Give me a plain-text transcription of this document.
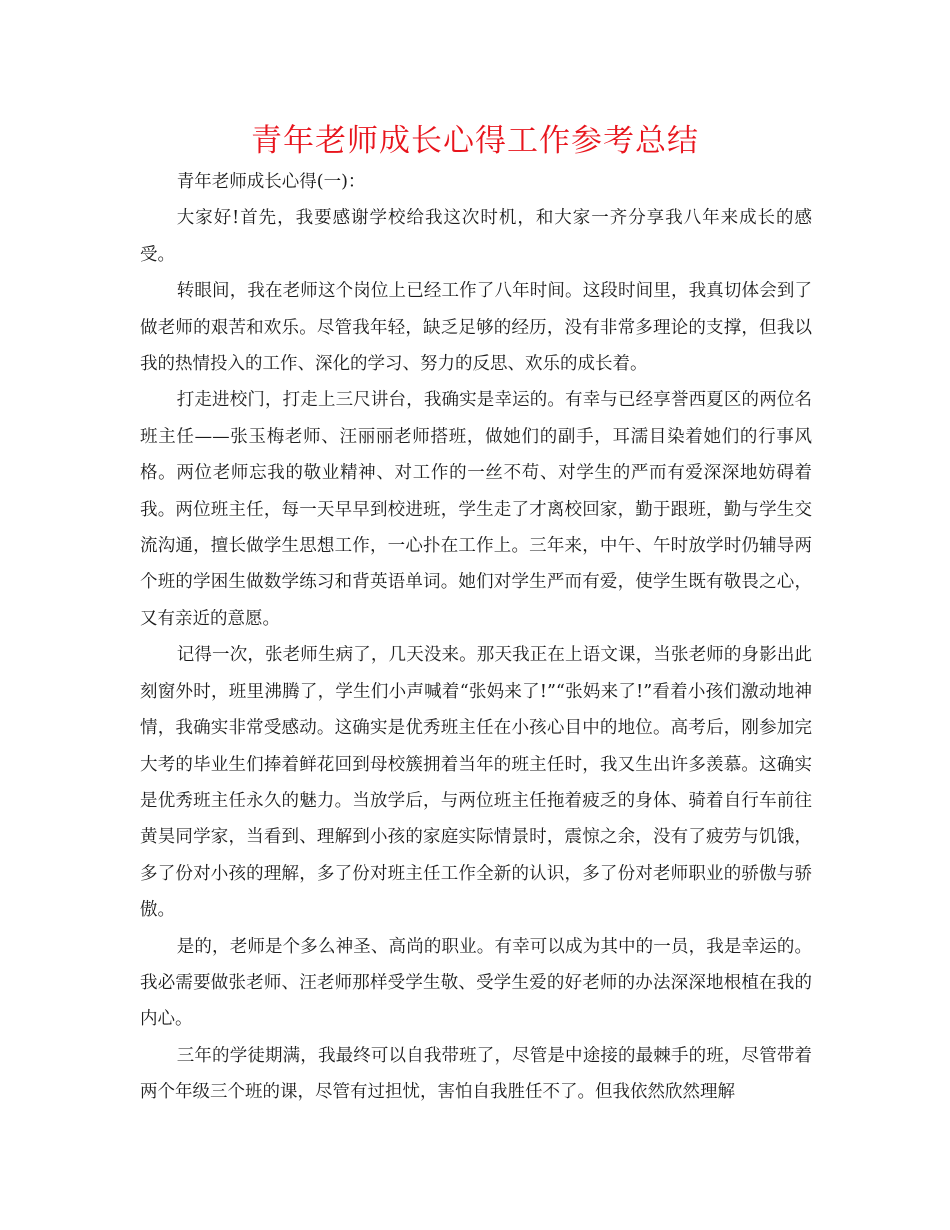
青年老师成长心得工作参考总结

青年老师成长心得(一)：

大家好!首先，我要感谢学校给我这次时机，和大家一齐分享我八年来成长的感受。

转眼间，我在老师这个岗位上已经工作了八年时间。这段时间里，我真切体会到了做老师的艰苦和欢乐。尽管我年轻，缺乏足够的经历，没有非常多理论的支撑，但我以我的热情投入的工作、深化的学习、努力的反思、欢乐的成长着。

打走进校门，打走上三尺讲台，我确实是幸运的。有幸与已经享誉西夏区的两位名班主任——张玉梅老师、汪丽丽老师搭班，做她们的副手，耳濡目染着她们的行事风格。两位老师忘我的敬业精神、对工作的一丝不苟、对学生的严而有爱深深地妨碍着我。两位班主任，每一天早早到校进班，学生走了才离校回家，勤于跟班，勤与学生交流沟通，擅长做学生思想工作，一心扑在工作上。三年来，中午、午时放学时仍辅导两个班的学困生做数学练习和背英语单词。她们对学生严而有爱，使学生既有敬畏之心，又有亲近的意愿。

记得一次，张老师生病了，几天没来。那天我正在上语文课，当张老师的身影出此刻窗外时，班里沸腾了，学生们小声喊着“张妈来了!”“张妈来了!”看着小孩们激动地神情，我确实非常受感动。这确实是优秀班主任在小孩心目中的地位。高考后，刚参加完大考的毕业生们捧着鲜花回到母校簇拥着当年的班主任时，我又生出许多羡慕。这确实是优秀班主任永久的魅力。当放学后，与两位班主任拖着疲乏的身体、骑着自行车前往黄昊同学家，当看到、理解到小孩的家庭实际情景时，震惊之余，没有了疲劳与饥饿，多了份对小孩的理解，多了份对班主任工作全新的认识，多了份对老师职业的骄傲与骄傲。

是的，老师是个多么神圣、高尚的职业。有幸可以成为其中的一员，我是幸运的。我必需要做张老师、汪老师那样受学生敬、受学生爱的好老师的办法深深地根植在我的内心。

三年的学徒期满，我最终可以自我带班了，尽管是中途接的最棘手的班，尽管带着两个年级三个班的课，尽管有过担忧，害怕自我胜任不了。但我依然欣然理解
